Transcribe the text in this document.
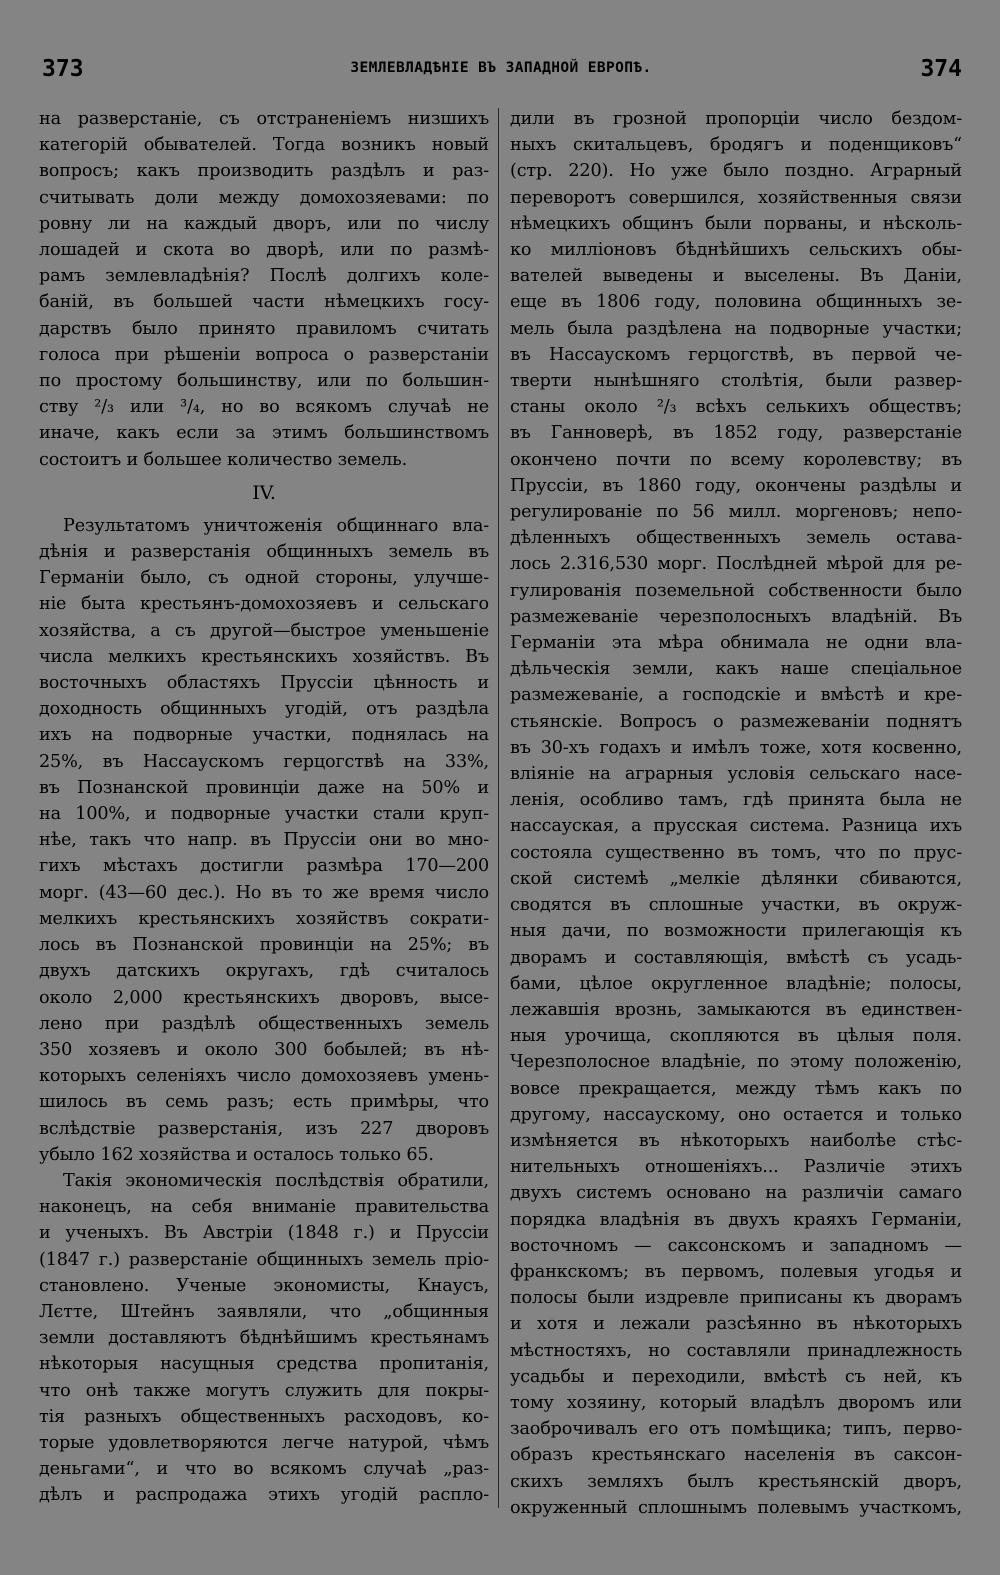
373	ЗЕМЛЕВЛАДѢНІЕ ВЪ ЗАПАДНОЙ ЕВРОПѢ.	374
на разверстаніе, съ отстраненіемъ низшихъ
категорій обывателей. Тогда возникъ новый
вопросъ; какъ производить раздѣлъ и раз-
считывать доли между домохозяевами: по
ровну ли на каждый дворъ, или по числу
лошадей и скота во дворѣ, или по размѣ-
рамъ землевладѣнія? Послѣ долгихъ коле-
баній, въ большей части нѣмецкихъ госу-
дарствъ было принято правиломъ считать
голоса при рѣшеніи вопроса о разверстаніи
по простому большинству, или по большин-
ству ²/₃ или ³/₄, но во всякомъ случаѣ не
иначе, какъ если за этимъ большинствомъ
состоитъ и большее количество земель.
IV.
Результатомъ уничтоженія общиннаго вла-
дѣнія и разверстанія общинныхъ земель въ
Германіи было, съ одной стороны, улучше-
ніе быта крестьянъ-домохозяевъ и сельскаго
хозяйства, а съ другой—быстрое уменьшеніе
числа мелкихъ крестьянскихъ хозяйствъ. Въ
восточныхъ областяхъ Пруссіи цѣнность и
доходность общинныхъ угодій, отъ раздѣла
ихъ на подворные участки, поднялась на
25%, въ Нассаускомъ герцогствѣ на 33%,
въ Познанской провинціи даже на 50% и
на 100%, и подворные участки стали круп-
нѣе, такъ что напр. въ Пруссіи они во мно-
гихъ мѣстахъ достигли размѣра 170—200
морг. (43—60 дес.). Но въ то же время число
мелкихъ крестьянскихъ хозяйствъ сократи-
лось въ Познанской провинціи на 25%; въ
двухъ датскихъ округахъ, гдѣ считалось
около 2,000 крестьянскихъ дворовъ, высе-
лено при раздѣлѣ общественныхъ земель
350 хозяевъ и около 300 бобылей; въ нѣ-
которыхъ селеніяхъ число домохозяевъ умень-
шилось въ семь разъ; есть примѣры, что
вслѣдствіе разверстанія, изъ 227 дворовъ
убыло 162 хозяйства и осталось только 65.
Такія экономическія послѣдствія обратили,
наконецъ, на себя вниманіе правительства
и ученыхъ. Въ Австріи (1848 г.) и Пруссіи
(1847 г.) разверстаніе общинныхъ земель пріо-
становлено. Ученые экономисты, Кнаусъ,
Лєтте, Штейнъ заявляли, что „общинныя
земли доставляютъ бѣднѣйшимъ крестьянамъ
нѣкоторыя насущныя средства пропитанія,
что онѣ также могутъ служить для покры-
тія разныхъ общественныхъ расходовъ, ко-
торые удовлетворяются легче натурой, чѣмъ
деньгами“, и что во всякомъ случаѣ „раз-
дѣлъ и распродажа этихъ угодій распло-
дили въ грозной пропорціи число бездом-
ныхъ скитальцевъ, бродягъ и поденщиковъ“
(стр. 220). Но уже было поздно. Аграрный
переворотъ совершился, хозяйственныя связи
нѣмецкихъ общинъ были порваны, и нѣсколь-
ко милліоновъ бѣднѣйшихъ сельскихъ обы-
вателей выведены и выселены. Въ Даніи,
еще въ 1806 году, половина общинныхъ зе-
мель была раздѣлена на подворные участки;
въ Нассаускомъ герцогствѣ, въ первой че-
тверти нынѣшняго столѣтія, были развер-
станы около ²/₃ всѣхъ селькихъ обществъ;
въ Ганноверѣ, въ 1852 году, разверстаніе
окончено почти по всему королевству; въ
Пруссіи, въ 1860 году, окончены раздѣлы и
регулированіе по 56 милл. моргеновъ; непо-
дѣленныхъ общественныхъ земель остава-
лось 2.316,530 морг. Послѣдней мѣрой для ре-
гулированія поземельной собственности было
размежеваніе черезполосныхъ владѣній. Въ
Германіи эта мѣра обнимала не одни вла-
дѣльческія земли, какъ наше спеціальное
размежеваніе, а господскіе и вмѣстѣ и кре-
стьянскіе. Вопросъ о размежеваніи поднятъ
въ 30-хъ годахъ и имѣлъ тоже, хотя косвенно,
вліяніе на аграрныя условія сельскаго насе-
ленія, особливо тамъ, гдѣ принята была не
нассауская, а прусская система. Разница ихъ
состояла существенно въ томъ, что по прус-
ской системѣ „мелкіе дѣлянки сбиваются,
сводятся въ сплошные участки, въ окруж-
ныя дачи, по возможности прилегающія къ
дворамъ и составляющія, вмѣстѣ съ усадь-
бами, цѣлое округленное владѣніе; полосы,
лежавшія врознь, замыкаются въ единствен-
ныя урочища, скопляются въ цѣлыя поля.
Черезполосное владѣніе, по этому положенію,
вовсе прекращается, между тѣмъ какъ по
другому, нассаускому, оно остается и только
измѣняется въ нѣкоторыхъ наиболѣе стѣс-
нительныхъ отношеніяхъ... Различіе этихъ
двухъ системъ основано на различіи самаго
порядка владѣнія въ двухъ краяхъ Германіи,
восточномъ — саксонскомъ и западномъ —
франкскомъ; въ первомъ, полевыя угодья и
полосы были издревле приписаны къ дворамъ
и хотя и лежали разсѣянно въ нѣкоторыхъ
мѣстностяхъ, но составляли принадлежность
усадьбы и переходили, вмѣстѣ съ ней, къ
тому хозяину, который владѣлъ дворомъ или
заоброчивалъ его отъ помѣщика; типъ, перво-
образъ крестьянскаго населенія въ саксон-
скихъ земляхъ былъ крестьянскій дворъ,
окруженный сплошнымъ полевымъ участкомъ,
